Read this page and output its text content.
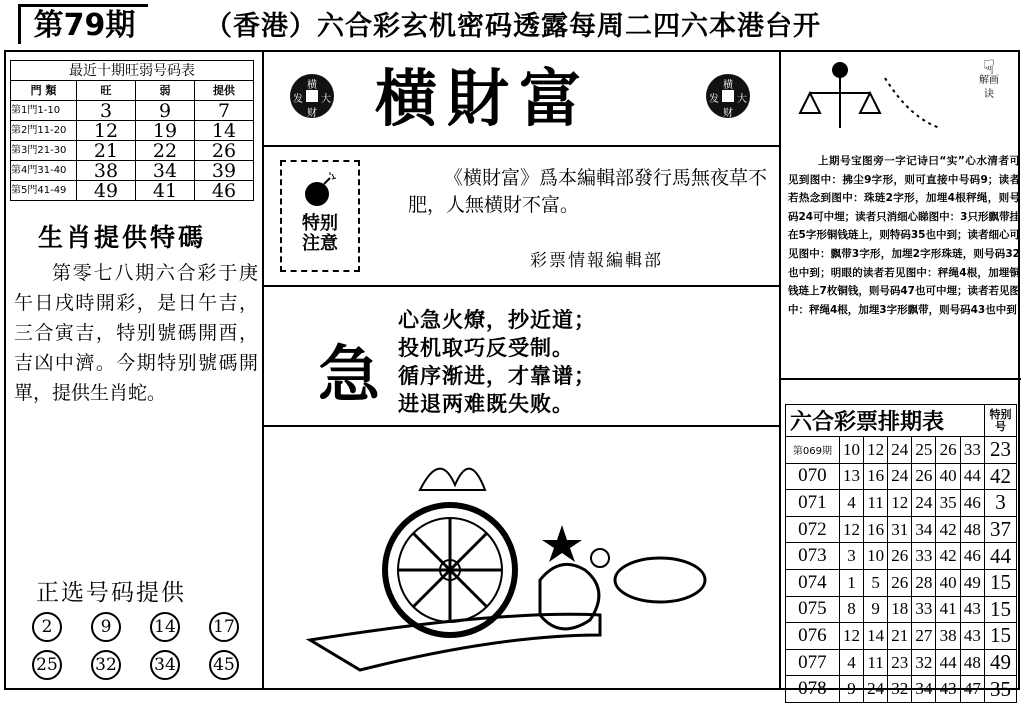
第79期	（香港）六合彩玄机密码透露每周二四六本港台开
最近十期旺弱号码表			
門 類	旺	弱	提供
第1門1-10	3	9	7
第2門11-20	12	19	14
第3門21-30	21	22	26
第4門31-40	38	34	39
第5門41-49	49	41	46
生肖提供特碼
第零七八期六合彩于庚午日戌時開彩，是日午吉，三合寅吉，特别號碼開酉，吉凶中濟。今期特别號碼開單，提供生肖蛇。
正选号码提供
2	9	14 17
25 32 34 45
横
大
财
发 横財富	横
大
财
发
特别
注意
《横財富》爲本編輯部發行馬無夜草不肥，人無横財不富。
彩票情報編輯部
急
心急火燎，抄近道；
投机取巧反受制。
循序渐进，才靠谱；
进退两难既失败。
☟
解画诀
上期号宝图旁一字记诗曰“实”心水清者可见到图中：拂尘9字形，则可直接中号码9；读者若热念到图中：珠琏2字形，加埋4根秤绳，则号码24可中埋；读者只消细心睇图中：3只形飘带挂在5字形铜钱琏上，则特码35也中到；读者细心可见图中：飘带3字形，加埋2字形珠琏，则号码32也中到；明眼的读者若见图中：秤绳4根，加埋铜钱琏上7枚铜钱，则号码47也可中埋；读者若见图中：秤绳4根，加埋3字形飘带，则号码43也中到
六合彩票排期表							特别号
第069期	10	12	24	25	26	33	23
070	13	16	24	26	40	44	42
071	4	11	12	24	35	46	3
072	12	16	31	34	42	48	37
073	3	10	26	33	42	46	44
074	1	5	26	28	40	49	15
075	8	9	18	33	41	43	15
076	12	14	21	27	38	43	15
077	4	11	23	32	44	48	49
078	9	24	32	34	43	47	35
